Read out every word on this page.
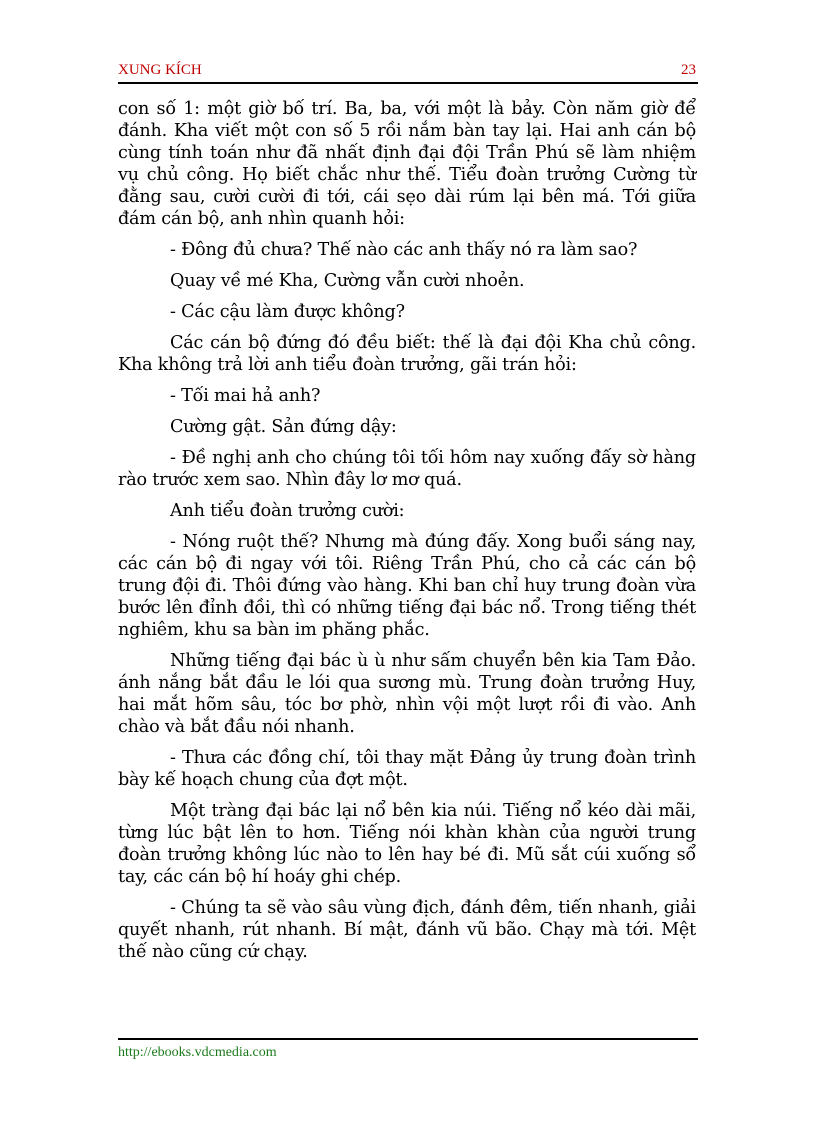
XUNG KÍCH	23

con số 1: một giờ bố trí. Ba, ba, với một là bảy. Còn năm giờ để đánh. Kha viết một con số 5 rồi nắm bàn tay lại. Hai anh cán bộ cùng tính toán như đã nhất định đại đội Trần Phú sẽ làm nhiệm vụ chủ công. Họ biết chắc như thế. Tiểu đoàn trưởng Cường từ đằng sau, cười cười đi tới, cái sẹo dài rúm lại bên má. Tới giữa đám cán bộ, anh nhìn quanh hỏi:

- Đông đủ chưa? Thế nào các anh thấy nó ra làm sao?

Quay về mé Kha, Cường vẫn cười nhoẻn.

- Các cậu làm được không?

Các cán bộ đứng đó đều biết: thế là đại đội Kha chủ công. Kha không trả lời anh tiểu đoàn trưởng, gãi trán hỏi:

- Tối mai hả anh?

Cường gật. Sản đứng dậy:

- Đề nghị anh cho chúng tôi tối hôm nay xuống đấy sờ hàng rào trước xem sao. Nhìn đây lơ mơ quá.

Anh tiểu đoàn trưởng cười:

- Nóng ruột thế? Nhưng mà đúng đấy. Xong buổi sáng nay, các cán bộ đi ngay với tôi. Riêng Trần Phú, cho cả các cán bộ trung đội đi. Thôi đứng vào hàng. Khi ban chỉ huy trung đoàn vừa bước lên đỉnh đồi, thì có những tiếng đại bác nổ. Trong tiếng thét nghiêm, khu sa bàn im phăng phắc.

Những tiếng đại bác ù ù như sấm chuyển bên kia Tam Đảo. ánh nắng bắt đầu le lói qua sương mù. Trung đoàn trưởng Huy, hai mắt hõm sâu, tóc bơ phờ, nhìn vội một lượt rồi đi vào. Anh chào và bắt đầu nói nhanh.

- Thưa các đồng chí, tôi thay mặt Đảng ủy trung đoàn trình bày kế hoạch chung của đợt một.

Một tràng đại bác lại nổ bên kia núi. Tiếng nổ kéo dài mãi, từng lúc bật lên to hơn. Tiếng nói khàn khàn của người trung đoàn trưởng không lúc nào to lên hay bé đi. Mũ sắt cúi xuống sổ tay, các cán bộ hí hoáy ghi chép.

- Chúng ta sẽ vào sâu vùng địch, đánh đêm, tiến nhanh, giải quyết nhanh, rút nhanh. Bí mật, đánh vũ bão. Chạy mà tới. Mệt thế nào cũng cứ chạy.

http://ebooks.vdcmedia.com
